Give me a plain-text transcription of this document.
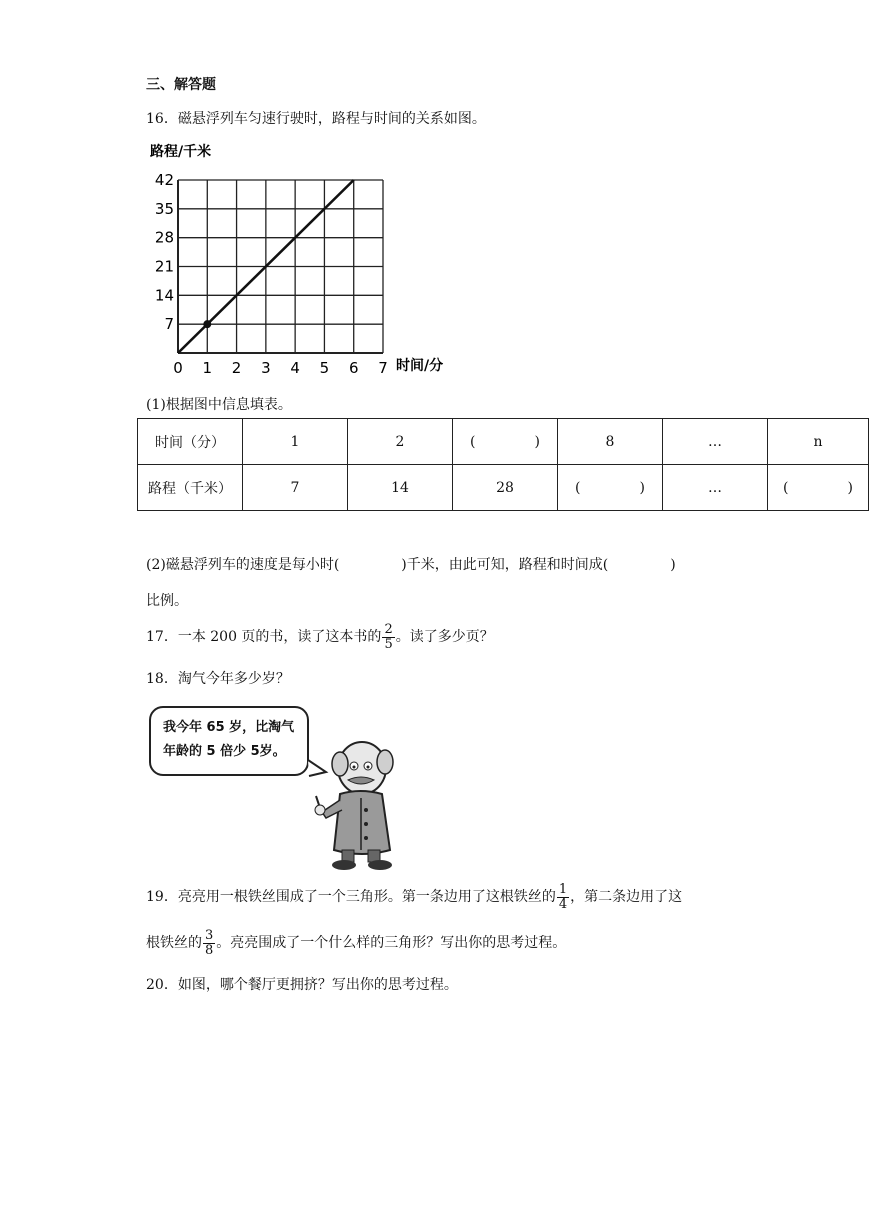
三、解答题
16．磁悬浮列车匀速行驶时，路程与时间的关系如图。
路程/千米
时间/分
0 1 2 3 4 5 6 7
7
14
21
28
35
42
(1)根据图中信息填表。
时间（分）	1	2	( )	8	…	n
路程（千米）	7	14	28	( )	…	( )
(2)磁悬浮列车的速度是每小时(	)千米，由此可知，路程和时间成(	)
比例。
17．一本 200 页的书，读了这本书的 $\frac{2}{5}$ 。读了多少页？
18．淘气今年多少岁？
我今年 65 岁，比淘气
年龄的 5 倍少 5岁。
19．亮亮用一根铁丝围成了一个三角形。第一条边用了这根铁丝的 $\frac{1}{4}$ ，第二条边用了这
根铁丝的 $\frac{3}{8}$ 。亮亮围成了一个什么样的三角形？写出你的思考过程。
20．如图，哪个餐厅更拥挤？写出你的思考过程。
